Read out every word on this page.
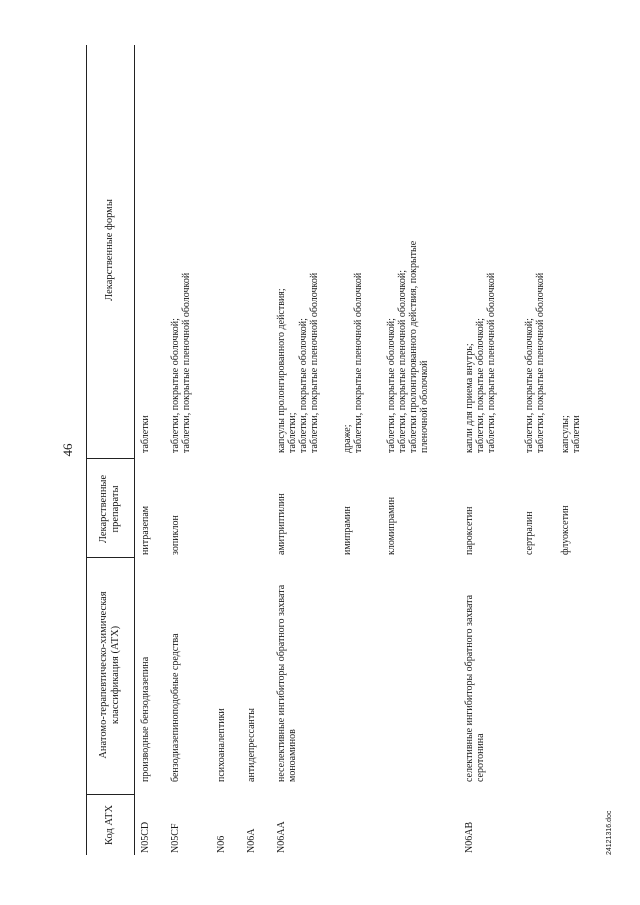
46
Код АТХ
Анатомо-терапевтическо-химическая классификация (АТХ)
Лекарственные препараты
Лекарственные формы
N05CD
производные бензодиазепина
нитразепам
таблетки
N05CF
бензодиазепиноподобные средства
зопиклон
таблетки, покрытые оболочкой; таблетки, покрытые пленочной оболочкой
N06
психоаналептики
N06A
антидепрессанты
N06AA
неселективные ингибиторы обратного захвата моноаминов
амитриптилин
капсулы пролонгированного действия; таблетки; таблетки, покрытые оболочкой; таблетки, покрытые пленочной оболочкой
имипрамин
драже; таблетки, покрытые пленочной оболочкой
кломипрамин
таблетки, покрытые оболочкой; таблетки, покрытые пленочной оболочкой; таблетки пролонгированного действия, покрытые пленочной оболочкой
N06AB
селективные ингибиторы обратного захвата серотонина
пароксетин
капли для приема внутрь; таблетки, покрытые оболочкой; таблетки, покрытые пленочной оболочкой
сертралин
таблетки, покрытые оболочкой; таблетки, покрытые пленочной оболочкой
флуоксетин
капсулы; таблетки
24121316.doc
